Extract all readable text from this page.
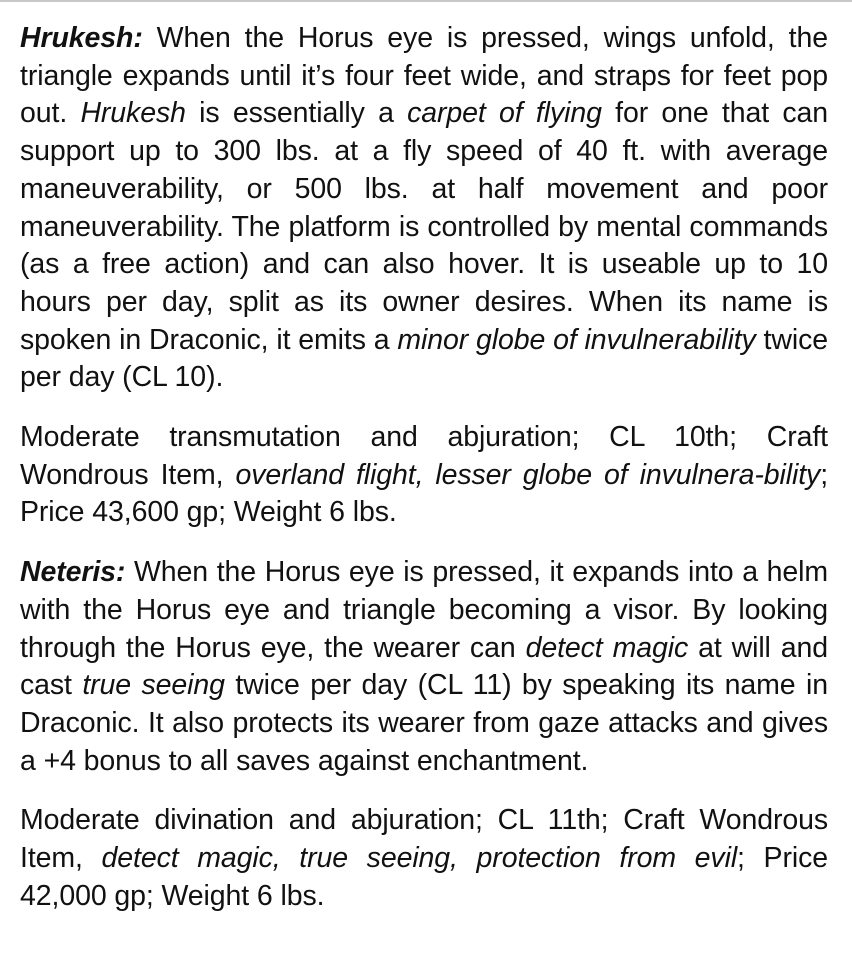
Hrukesh: When the Horus eye is pressed, wings unfold, the triangle expands until it’s four feet wide, and straps for feet pop out. Hrukesh is essentially a carpet of flying for one that can support up to 300 lbs. at a fly speed of 40 ft. with average maneuverability, or 500 lbs. at half movement and poor maneuverability. The platform is controlled by mental commands (as a free action) and can also hover. It is useable up to 10 hours per day, split as its owner desires. When its name is spoken in Draconic, it emits a minor globe of invulnerability twice per day (CL 10).

Moderate transmutation and abjuration; CL 10th; Craft Wondrous Item, overland flight, lesser globe of invulnera-bility; Price 43,600 gp; Weight 6 lbs.

Neteris: When the Horus eye is pressed, it expands into a helm with the Horus eye and triangle becoming a visor. By looking through the Horus eye, the wearer can detect magic at will and cast true seeing twice per day (CL 11) by speaking its name in Draconic. It also protects its wearer from gaze attacks and gives a +4 bonus to all saves against enchantment.

Moderate divination and abjuration; CL 11th; Craft Wondrous Item, detect magic, true seeing, protection from evil; Price 42,000 gp; Weight 6 lbs.
